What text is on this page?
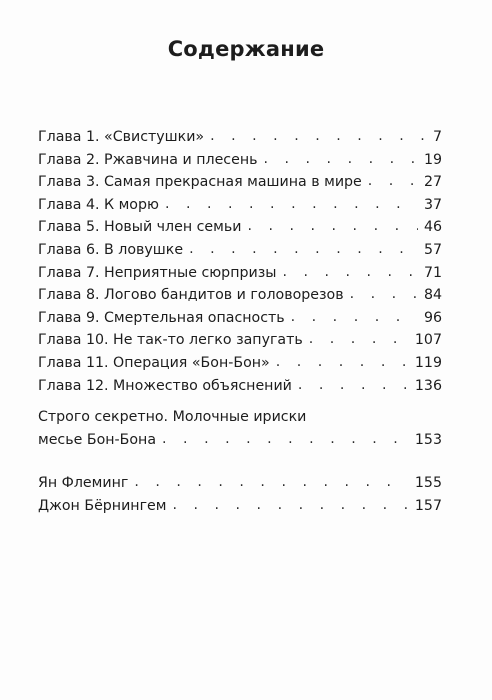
Содержание
Глава 1. «Свистушки» . . .	7
Глава 2. Ржавчина и плесень . . .	19
Глава 3. Самая прекрасная машина в мире . . .	27
Глава 4. К морю . . .	37
Глава 5. Новый член семьи . . .	46
Глава 6. В ловушке . . .	57
Глава 7. Неприятные сюрпризы . . .	71
Глава 8. Логово бандитов и головорезов . . .	84
Глава 9. Смертельная опасность . . .	96
Глава 10. Не так-то легко запугать . . .	107
Глава 11. Операция «Бон-Бон» . . .	119
Глава 12. Множество объяснений . . .	136
Строго секретно. Молочные ириски
месье Бон-Бона . . .	153
Ян Флеминг . . .	155
Джон Бёрнингем . . .	157
